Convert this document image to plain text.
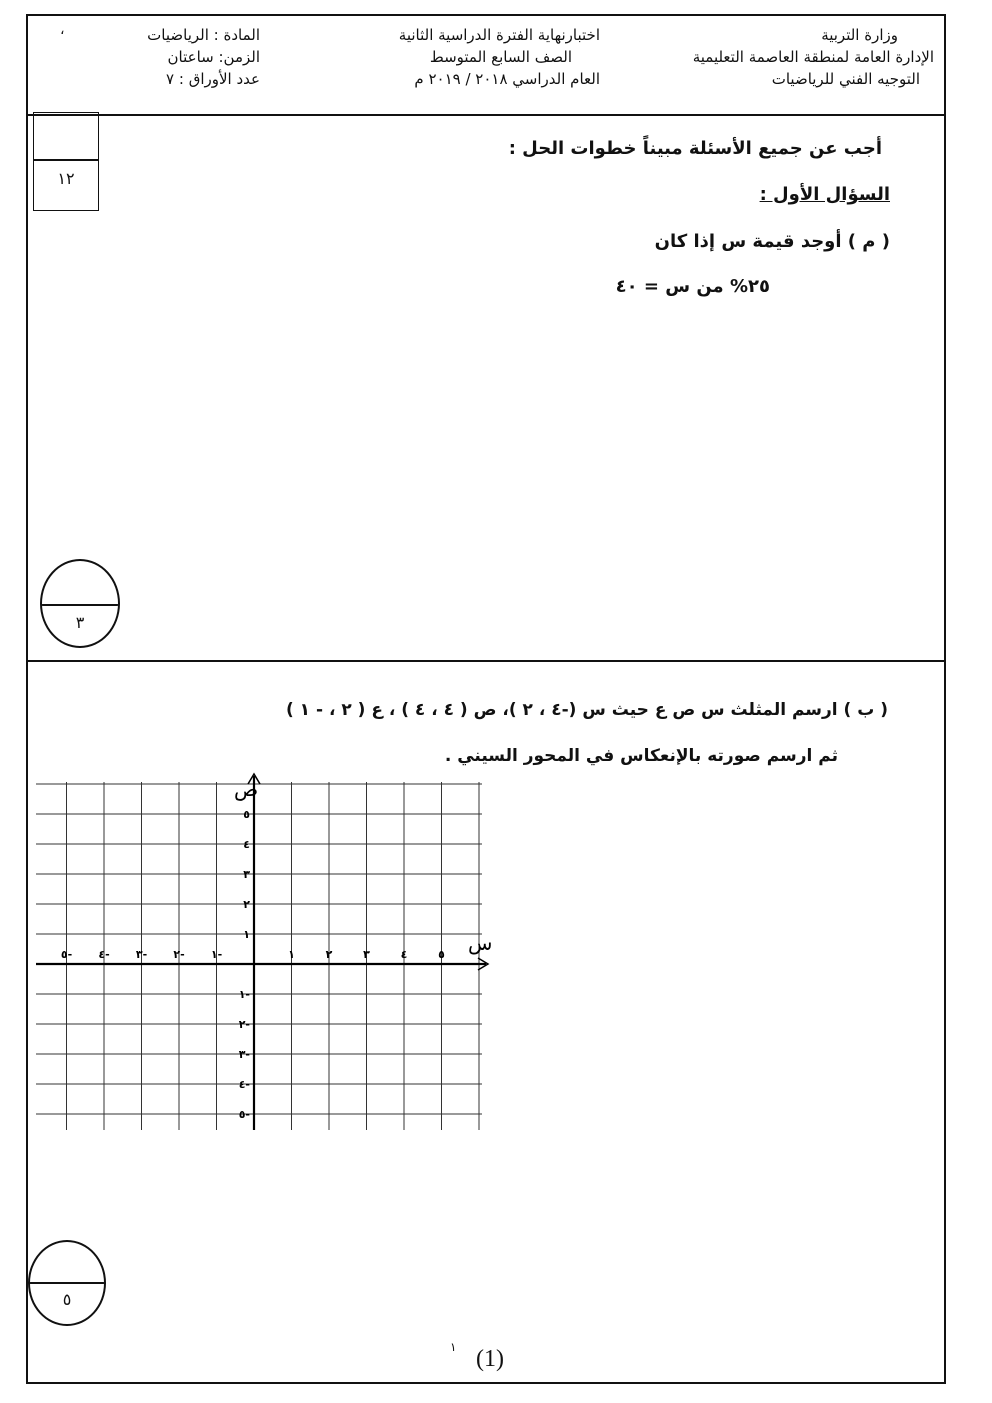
وزارة التربية
الإدارة العامة لمنطقة العاصمة التعليمية
التوجيه الفني للرياضيات
اختبارنهاية الفترة الدراسية الثانية
الصف السابع المتوسط
العام الدراسي ٢٠١٨ / ٢٠١٩ م
المادة : الرياضيات
الزمن: ساعتان
عدد الأوراق : ٧
،
١٢
أجب عن جميع الأسئلة مبيناً خطوات الحل :
السؤال الأول :
( م ) أوجد قيمة س إذا كان
٢٥% من س = ٤٠
٣
( ب ) ارسم المثلث س ص ع حيث س (-٤ ، ٢ )، ص ( ٤ ، ٤ ) ، ع ( ٢ ، - ١ )
ثم ارسم صورته بالإنعكاس في المحور السيني .
س
ص
٥- ٤- ٣- ٢- ١-	١	٢	٣	٤	٥
١
٢
٣
٤
٥
١-
٢-
٣-
٤-
٥-
٥
(1)
١
